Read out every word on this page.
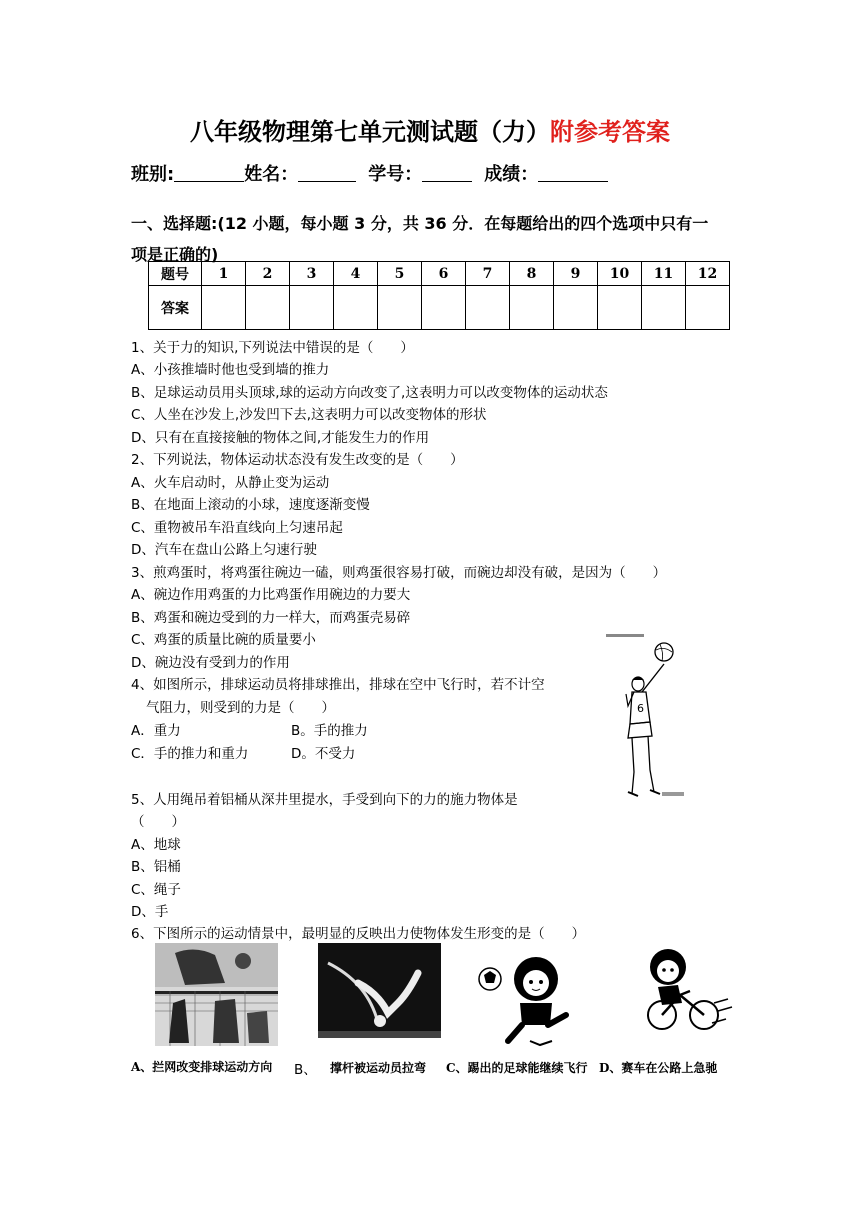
八年级物理第七单元测试题（力）附参考答案
班别:	姓名：	学号：	成绩：
一、选择题:(12 小题，每小题 3 分，共 36 分．在每题给出的四个选项中只有一
项是正确的)
题号	1	2	3	4	5	6	7	8	9	10	11	12
答案												
1、关于力的知识,下列说法中错误的是（　　）
A、小孩推墙时他也受到墙的推力
B、足球运动员用头顶球,球的运动方向改变了,这表明力可以改变物体的运动状态
C、人坐在沙发上,沙发凹下去,这表明力可以改变物体的形状
D、只有在直接接触的物体之间,才能发生力的作用
2、下列说法，物体运动状态没有发生改变的是（　　）
A、火车启动时，从静止变为运动
B、在地面上滚动的小球，速度逐渐变慢
C、重物被吊车沿直线向上匀速吊起
D、汽车在盘山公路上匀速行驶
3、煎鸡蛋时，将鸡蛋往碗边一磕，则鸡蛋很容易打破，而碗边却没有破，是因为（　　）
A、碗边作用鸡蛋的力比鸡蛋作用碗边的力要大
B、鸡蛋和碗边受到的力一样大，而鸡蛋壳易碎
C、鸡蛋的质量比碗的质量要小
D、碗边没有受到力的作用
4、如图所示，排球运动员将排球推出，排球在空中飞行时，若不计空
气阻力，则受到的力是（　　）
A．重力	B。手的推力
C．手的推力和重力	D。不受力
6
5、人用绳吊着铝桶从深井里提水，手受到向下的力的施力物体是
（　　）
A、地球
B、铝桶
C、绳子
D、手
6、下图所示的运动情景中，最明显的反映出力使物体发生形变的是（　　）
A、拦网改变排球运动方向 B、 撑杆被运动员拉弯 C、踢出的足球能继续飞行 D、赛车在公路上急驰
